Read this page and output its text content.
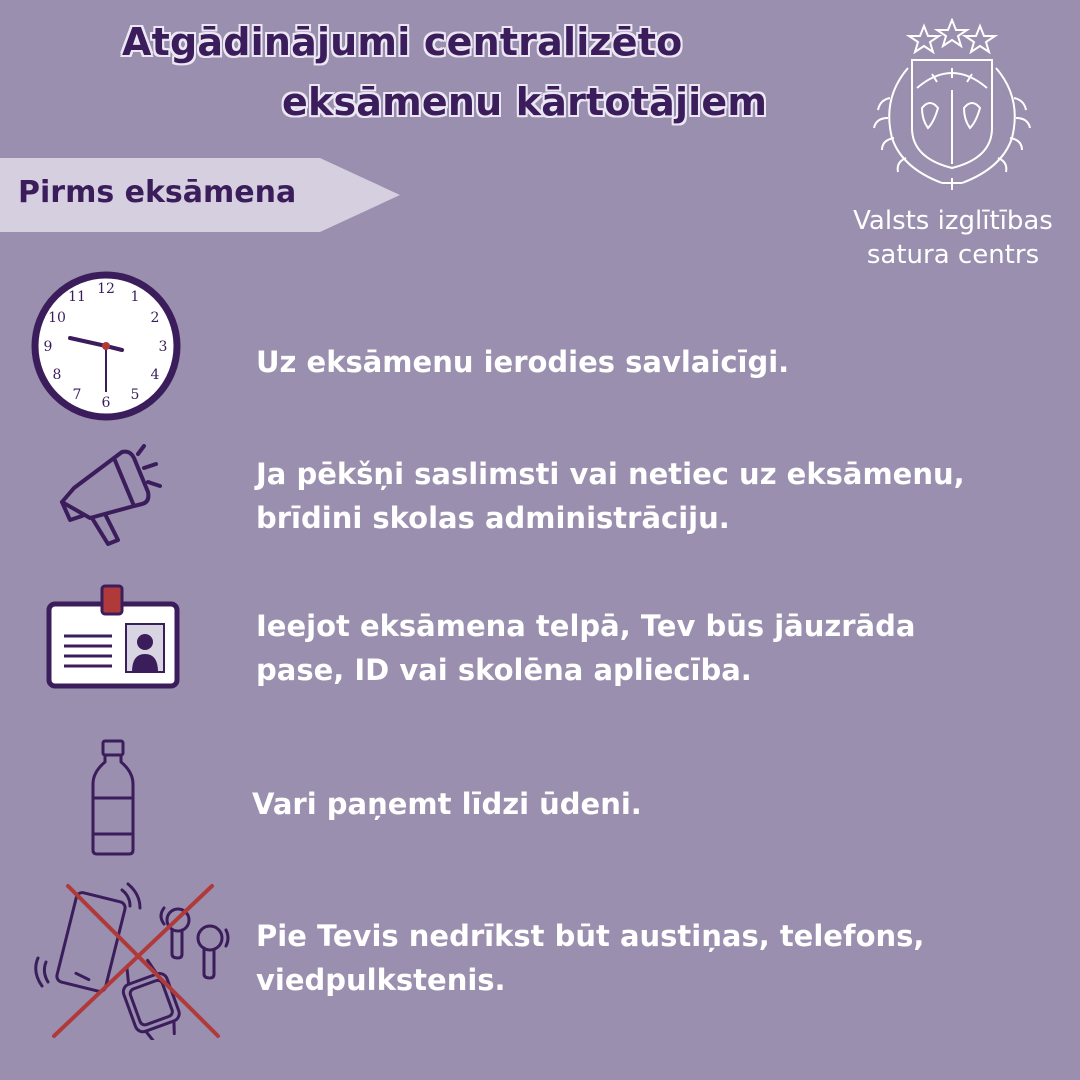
Atgādinājumi centralizēto
eksāmenu kārtotājiem
Pirms eksāmena
Valsts izglītības
satura centrs
12 1
2
3
4
5
6
7
8
9
10
11

Uz eksāmenu ierodies savlaicīgi.

Ja pēkšņi saslimsti vai netiec uz eksāmenu,
brīdini skolas administrāciju.

Ieejot eksāmena telpā, Tev būs jāuzrāda
pase, ID vai skolēna apliecība.

Vari paņemt līdzi ūdeni.

Pie Tevis nedrīkst būt austiņas, telefons,
viedpulkstenis.
